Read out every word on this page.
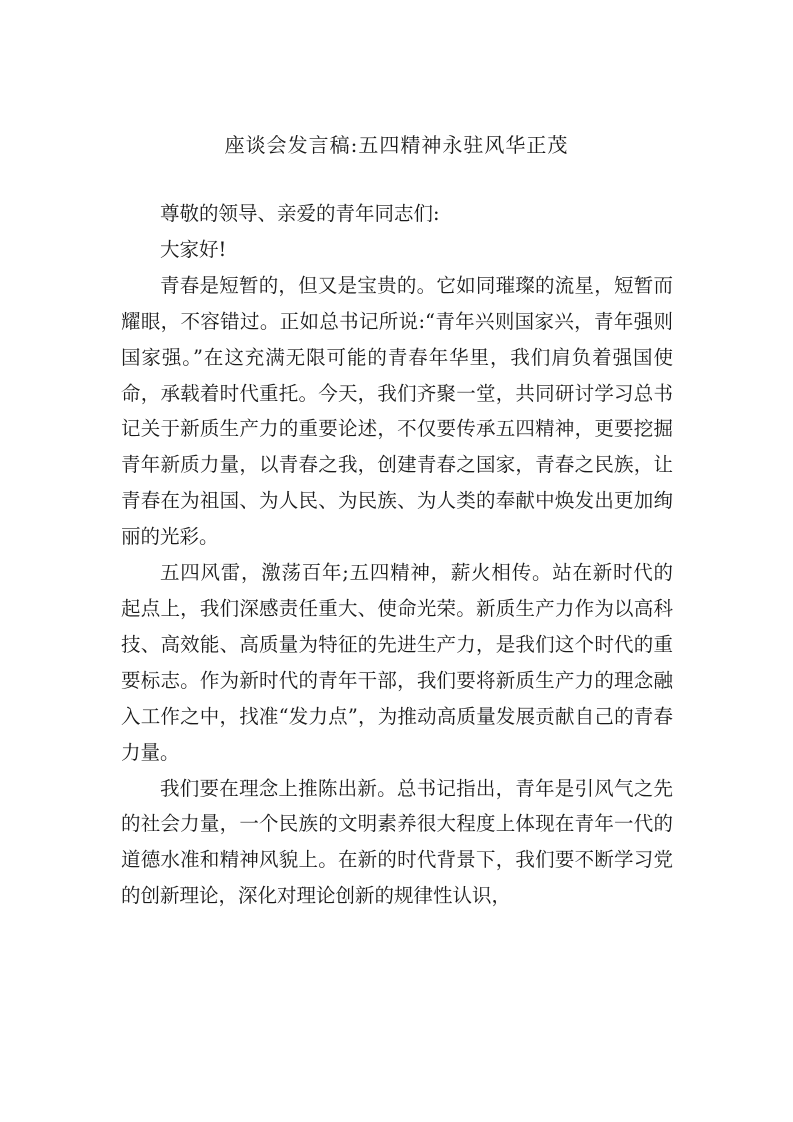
座谈会发言稿:五四精神永驻风华正茂

尊敬的领导、亲爱的青年同志们:

大家好!

青春是短暂的，但又是宝贵的。它如同璀璨的流星，短暂而耀眼，不容错过。正如总书记所说:“青年兴则国家兴，青年强则国家强。”在这充满无限可能的青春年华里，我们肩负着强国使命，承载着时代重托。今天，我们齐聚一堂，共同研讨学习总书记关于新质生产力的重要论述，不仅要传承五四精神，更要挖掘青年新质力量，以青春之我，创建青春之国家，青春之民族，让青春在为祖国、为人民、为民族、为人类的奉献中焕发出更加绚丽的光彩。

五四风雷，激荡百年;五四精神，薪火相传。站在新时代的起点上，我们深感责任重大、使命光荣。新质生产力作为以高科技、高效能、高质量为特征的先进生产力，是我们这个时代的重要标志。作为新时代的青年干部，我们要将新质生产力的理念融入工作之中，找准“发力点”，为推动高质量发展贡献自己的青春力量。

我们要在理念上推陈出新。总书记指出，青年是引风气之先的社会力量，一个民族的文明素养很大程度上体现在青年一代的道德水准和精神风貌上。在新的时代背景下，我们要不断学习党的创新理论，深化对理论创新的规律性认识，
